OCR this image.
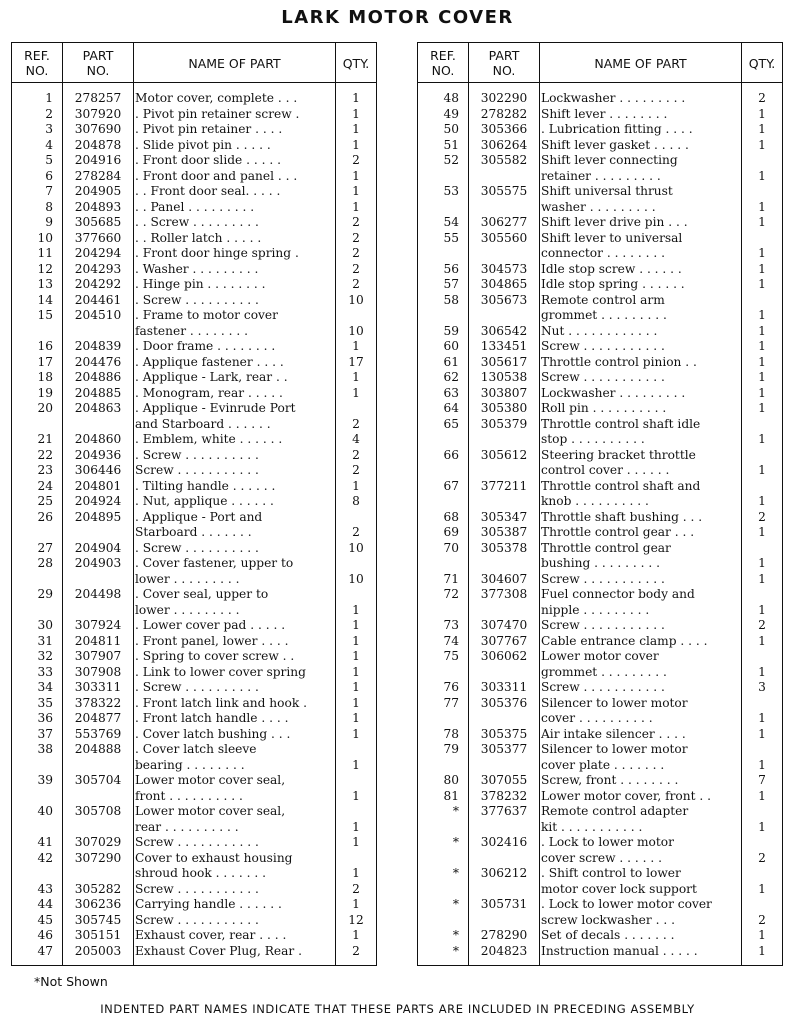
LARK MOTOR COVER
REF.
NO.
PART
NO.	NAME OF PART	QTY.
1	278257	Motor cover, complete . . .	1
2	307920	. Pivot pin retainer screw .	1
3	307690	. Pivot pin retainer . . . .	1
4	204878	. Slide pivot pin . . . . .	1
5	204916	. Front door slide . . . . .	2
6	278284	. Front door and panel . . .	1
7	204905	. . Front door seal. . . . .	1
8	204893	. . Panel . . . . . . . . .	1
9	305685	. . Screw . . . . . . . . .	2
10	377660	. . Roller latch . . . . .	2
11	204294	. Front door hinge spring .	2
12	204293	. Washer . . . . . . . . .	2
13	204292	. Hinge pin . . . . . . . .	2
14	204461	. Screw . . . . . . . . . .	10
15	204510	. Frame to motor cover
fastener . . . . . . . .	10
16	204839	. Door frame . . . . . . . .	1
17	204476	. Applique fastener . . . .	17
18	204886	. Applique - Lark, rear . .	1
19	204885	. Monogram, rear . . . . .	1
20	204863	. Applique - Evinrude Port
and Starboard . . . . . .	2
21	204860	. Emblem, white . . . . . .	4
22	204936	. Screw . . . . . . . . . .	2
23	306446	Screw . . . . . . . . . . .	2
24	204801	. Tilting handle . . . . . .	1
25	204924	. Nut, applique . . . . . .	8
26	204895	. Applique - Port and
Starboard . . . . . . .	2
27	204904	. Screw . . . . . . . . . .	10
28	204903	. Cover fastener, upper to
lower . . . . . . . . .	10
29	204498	. Cover seal, upper to
lower . . . . . . . . .	1
30	307924	. Lower cover pad . . . . .	1
31	204811	. Front panel, lower . . . .	1
32	307907	. Spring to cover screw . .	1
33	307908	. Link to lower cover spring	1
34	303311	. Screw . . . . . . . . . .	1
35	378322	. Front latch link and hook .	1
36	204877	. Front latch handle . . . .	1
37	553769	. Cover latch bushing . . .	1
38	204888	. Cover latch sleeve
bearing . . . . . . . .	1
39	305704	Lower motor cover seal,
front . . . . . . . . . .	1
40	305708	Lower motor cover seal,
rear . . . . . . . . . .	1
41	307029	Screw . . . . . . . . . . .	1
42	307290	Cover to exhaust housing
shroud hook . . . . . . .	1
43	305282	Screw . . . . . . . . . . .	2
44	306236	Carrying handle . . . . . .	1
45	305745	Screw . . . . . . . . . . .	12
46	305151	Exhaust cover, rear . . . .	1
47	205003	Exhaust Cover Plug, Rear .	2
REF.
NO.
PART
NO.	NAME OF PART	QTY.
48	302290	Lockwasher . . . . . . . . .	2
49	278282	Shift lever . . . . . . . .	1
50	305366	. Lubrication fitting . . . .	1
51	306264	Shift lever gasket . . . . .	1
52	305582	Shift lever connecting
retainer . . . . . . . . .	1
53	305575	Shift universal thrust
washer . . . . . . . . .	1
54	306277	Shift lever drive pin . . .	1
55	305560	Shift lever to universal
connector . . . . . . . .	1
56	304573	Idle stop screw . . . . . .	1
57	304865	Idle stop spring . . . . . .	1
58	305673	Remote control arm
grommet . . . . . . . . .	1
59	306542	Nut . . . . . . . . . . . .	1
60	133451	Screw . . . . . . . . . . .	1
61	305617	Throttle control pinion . .	1
62	130538	Screw . . . . . . . . . . .	1
63	303807	Lockwasher . . . . . . . . .	1
64	305380	Roll pin . . . . . . . . . .	1
65	305379	Throttle control shaft idle
stop . . . . . . . . . .	1
66	305612	Steering bracket throttle
control cover . . . . . .	1
67	377211	Throttle control shaft and
knob . . . . . . . . . .	1
68	305347	Throttle shaft bushing . . .	2
69	305387	Throttle control gear . . .	1
70	305378	Throttle control gear
bushing . . . . . . . . .	1
71	304607	Screw . . . . . . . . . . .	1
72	377308	Fuel connector body and
nipple . . . . . . . . .	1
73	307470	Screw . . . . . . . . . . .	2
74	307767	Cable entrance clamp . . . .	1
75	306062	Lower motor cover
grommet . . . . . . . . .	1
76	303311	Screw . . . . . . . . . . .	3
77	305376	Silencer to lower motor
cover . . . . . . . . . .	1
78	305375	Air intake silencer . . . .	1
79	305377	Silencer to lower motor
cover plate . . . . . . .	1
80	307055	Screw, front . . . . . . . .	7
81	378232	Lower motor cover, front . .	1
*	377637	Remote control adapter
kit . . . . . . . . . . .	1
*	302416	. Lock to lower motor
cover screw . . . . . .	2
*	306212	. Shift control to lower
motor cover lock support	1
*	305731	. Lock to lower motor cover
screw lockwasher . . .	2
*	278290	Set of decals . . . . . . .	1
*	204823	Instruction manual . . . . .	1
*Not Shown
INDENTED PART NAMES INDICATE THAT THESE PARTS ARE INCLUDED IN PRECEDING ASSEMBLY
